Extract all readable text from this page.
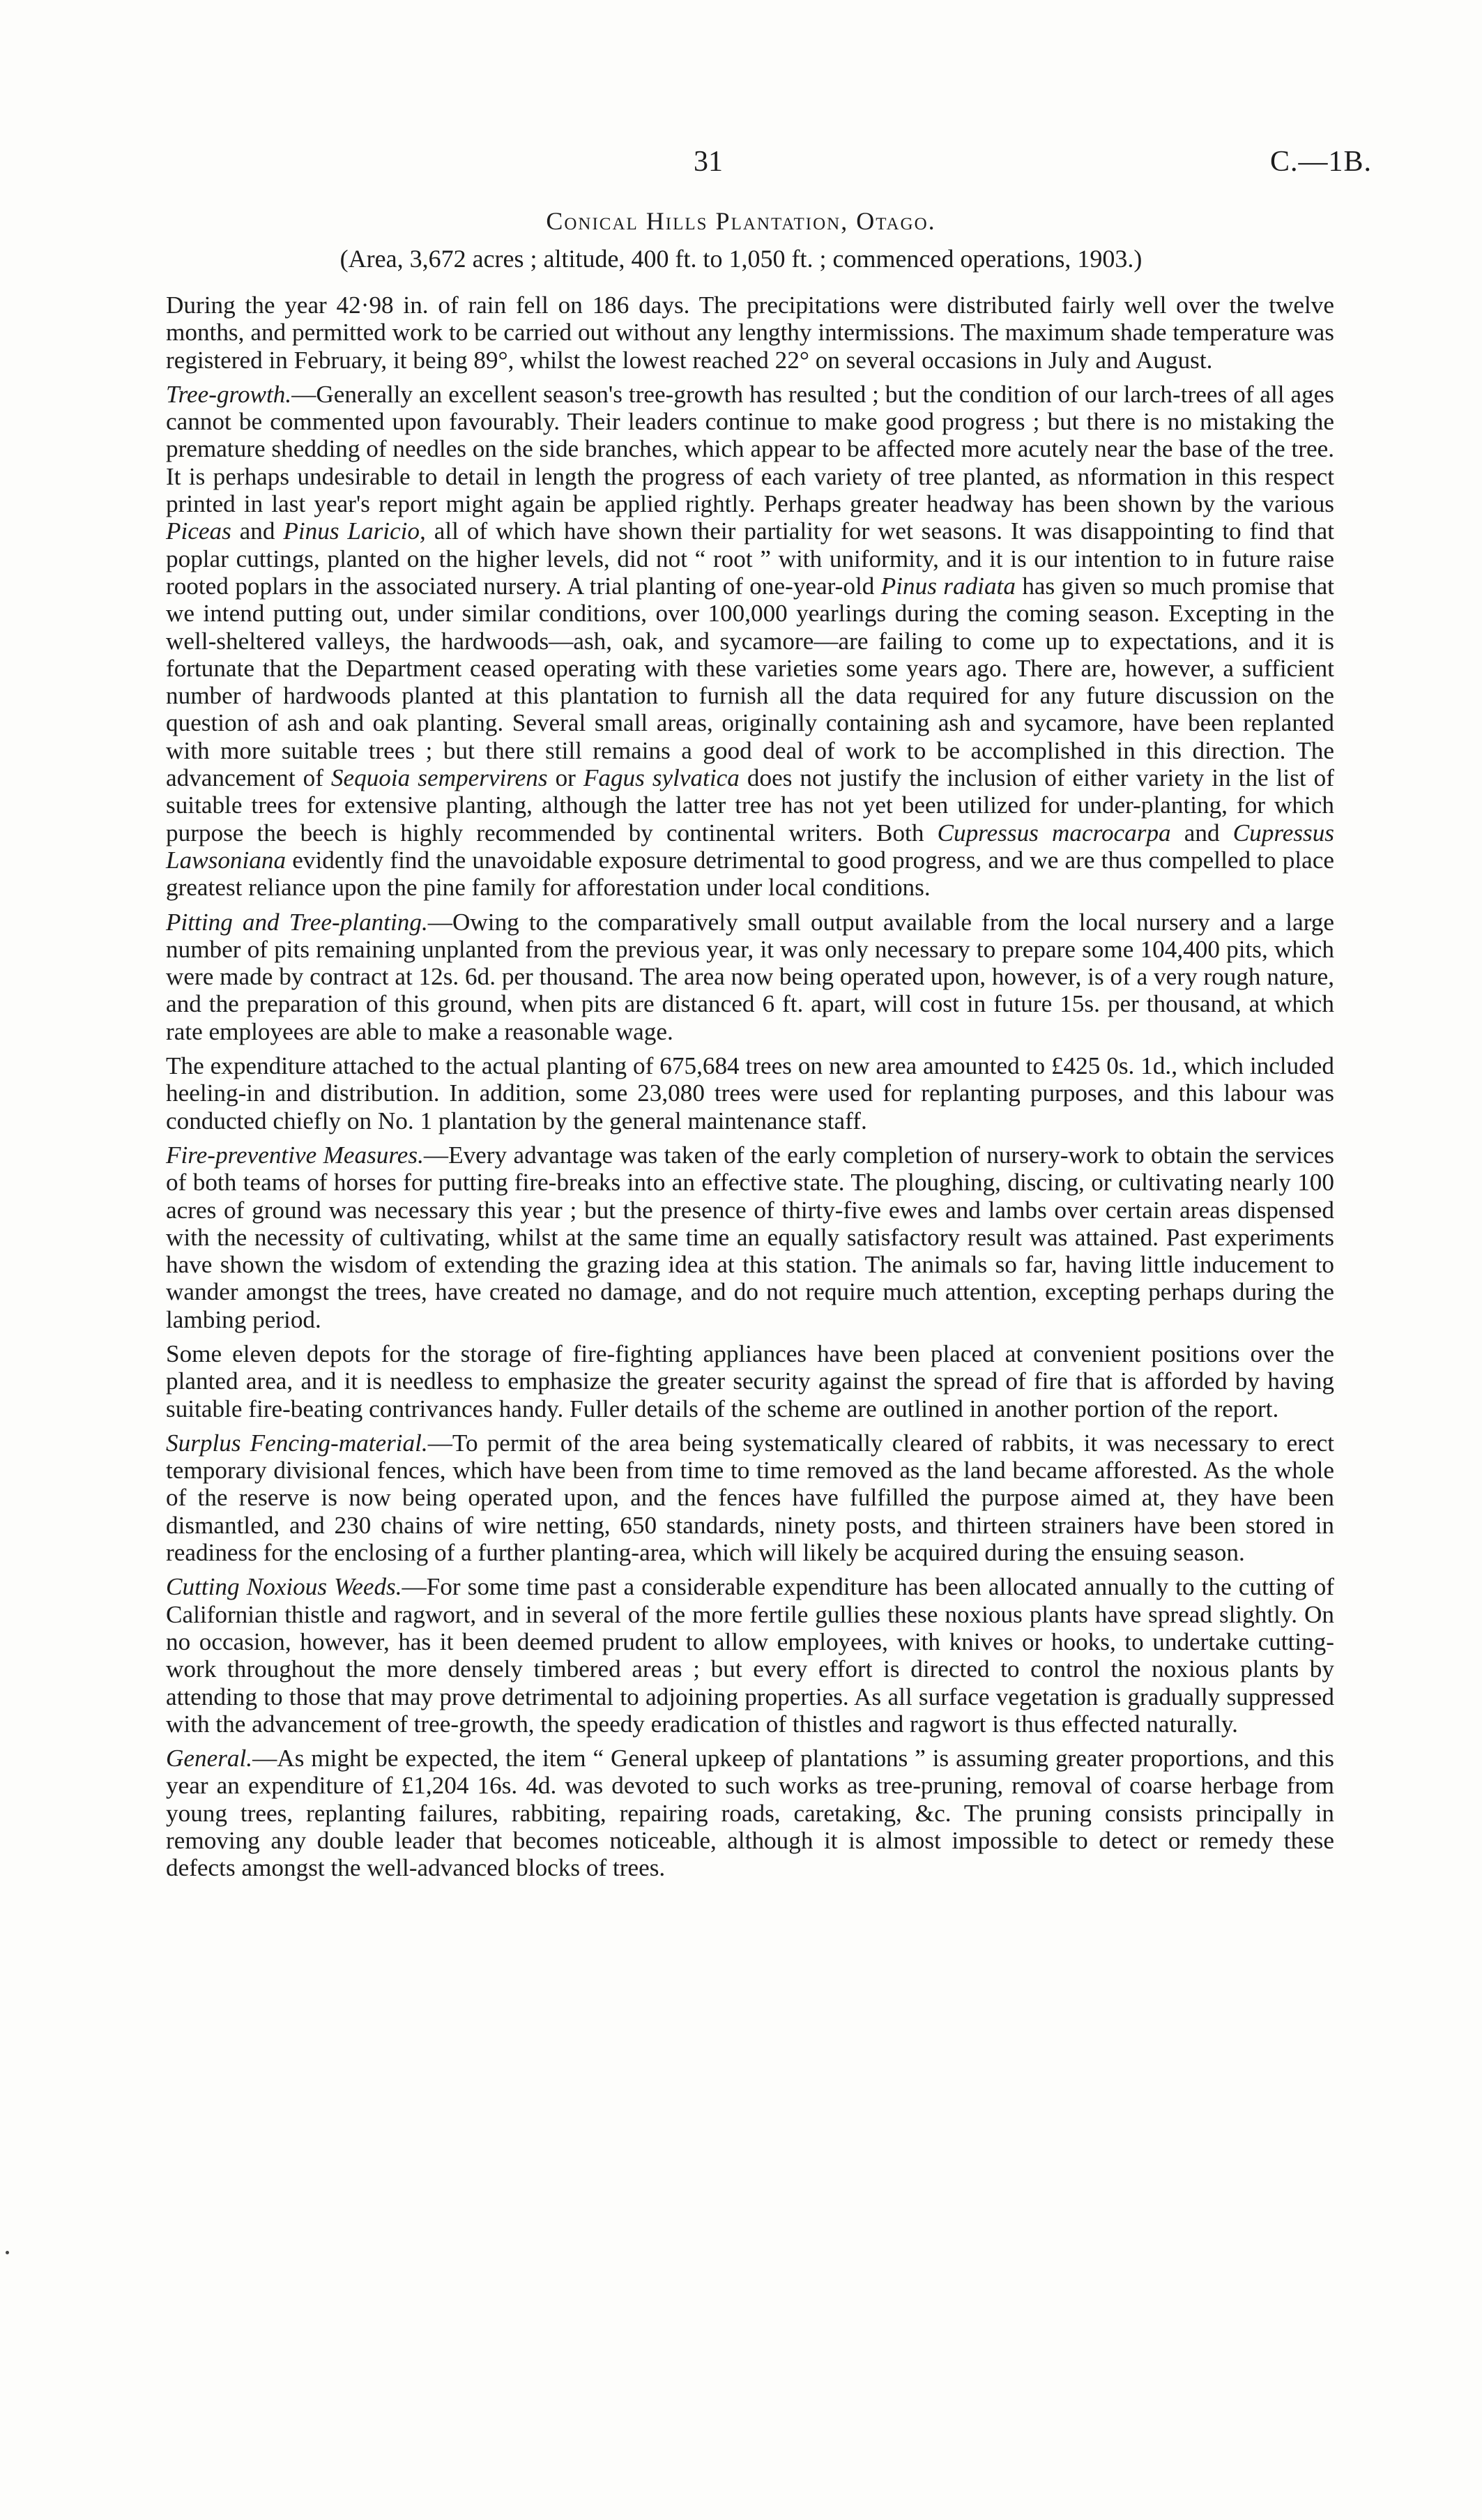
31	C.—1B.
Conical Hills Plantation, Otago.
(Area, 3,672 acres ; altitude, 400 ft. to 1,050 ft. ; commenced operations, 1903.)

During the year 42·98 in. of rain fell on 186 days. The precipitations were distributed fairly well over the twelve months, and permitted work to be carried out without any lengthy intermissions. The maximum shade temperature was registered in February, it being 89°, whilst the lowest reached 22° on several occasions in July and August.

Tree-growth.—Generally an excellent season's tree-growth has resulted ; but the condition of our larch-trees of all ages cannot be commented upon favourably. Their leaders continue to make good progress ; but there is no mistaking the premature shedding of needles on the side branches, which appear to be affected more acutely near the base of the tree. It is perhaps undesirable to detail in length the progress of each variety of tree planted, as nformation in this respect printed in last year's report might again be applied rightly. Perhaps greater headway has been shown by the various Piceas and Pinus Laricio, all of which have shown their partiality for wet seasons. It was disappointing to find that poplar cuttings, planted on the higher levels, did not “ root ” with uniformity, and it is our intention to in future raise rooted poplars in the associated nursery. A trial planting of one-year-old Pinus radiata has given so much promise that we intend putting out, under similar conditions, over 100,000 yearlings during the coming season. Excepting in the well-sheltered valleys, the hardwoods—ash, oak, and sycamore—are failing to come up to expectations, and it is fortunate that the Department ceased operating with these varieties some years ago. There are, however, a sufficient number of hardwoods planted at this plantation to furnish all the data required for any future discussion on the question of ash and oak planting. Several small areas, originally containing ash and sycamore, have been replanted with more suitable trees ; but there still remains a good deal of work to be accomplished in this direction. The advancement of Sequoia sempervirens or Fagus sylvatica does not justify the inclusion of either variety in the list of suitable trees for extensive planting, although the latter tree has not yet been utilized for under-planting, for which purpose the beech is highly recommended by continental writers. Both Cupressus macrocarpa and Cupressus Lawsoniana evidently find the unavoidable exposure detrimental to good progress, and we are thus compelled to place greatest reliance upon the pine family for afforestation under local conditions.

Pitting and Tree-planting.—Owing to the comparatively small output available from the local nursery and a large number of pits remaining unplanted from the previous year, it was only necessary to prepare some 104,400 pits, which were made by contract at 12s. 6d. per thousand. The area now being operated upon, however, is of a very rough nature, and the preparation of this ground, when pits are distanced 6 ft. apart, will cost in future 15s. per thousand, at which rate employees are able to make a reasonable wage.

The expenditure attached to the actual planting of 675,684 trees on new area amounted to £425 0s. 1d., which included heeling-in and distribution. In addition, some 23,080 trees were used for replanting purposes, and this labour was conducted chiefly on No. 1 plantation by the general maintenance staff.

Fire-preventive Measures.—Every advantage was taken of the early completion of nursery-work to obtain the services of both teams of horses for putting fire-breaks into an effective state. The ploughing, discing, or cultivating nearly 100 acres of ground was necessary this year ; but the presence of thirty-five ewes and lambs over certain areas dispensed with the necessity of cultivating, whilst at the same time an equally satisfactory result was attained. Past experiments have shown the wisdom of extending the grazing idea at this station. The animals so far, having little inducement to wander amongst the trees, have created no damage, and do not require much attention, excepting perhaps during the lambing period.

Some eleven depots for the storage of fire-fighting appliances have been placed at convenient positions over the planted area, and it is needless to emphasize the greater security against the spread of fire that is afforded by having suitable fire-beating contrivances handy. Fuller details of the scheme are outlined in another portion of the report.

Surplus Fencing-material.—To permit of the area being systematically cleared of rabbits, it was necessary to erect temporary divisional fences, which have been from time to time removed as the land became afforested. As the whole of the reserve is now being operated upon, and the fences have fulfilled the purpose aimed at, they have been dismantled, and 230 chains of wire netting, 650 standards, ninety posts, and thirteen strainers have been stored in readiness for the enclosing of a further planting-area, which will likely be acquired during the ensuing season.

Cutting Noxious Weeds.—For some time past a considerable expenditure has been allocated annually to the cutting of Californian thistle and ragwort, and in several of the more fertile gullies these noxious plants have spread slightly. On no occasion, however, has it been deemed prudent to allow employees, with knives or hooks, to undertake cutting-work throughout the more densely timbered areas ; but every effort is directed to control the noxious plants by attending to those that may prove detrimental to adjoining properties. As all surface vegetation is gradually suppressed with the advancement of tree-growth, the speedy eradication of thistles and ragwort is thus effected naturally.

General.—As might be expected, the item “ General upkeep of plantations ” is assuming greater proportions, and this year an expenditure of £1,204 16s. 4d. was devoted to such works as tree-pruning, removal of coarse herbage from young trees, replanting failures, rabbiting, repairing roads, caretaking, &c. The pruning consists principally in removing any double leader that becomes noticeable, although it is almost impossible to detect or remedy these defects amongst the well-advanced blocks of trees.
